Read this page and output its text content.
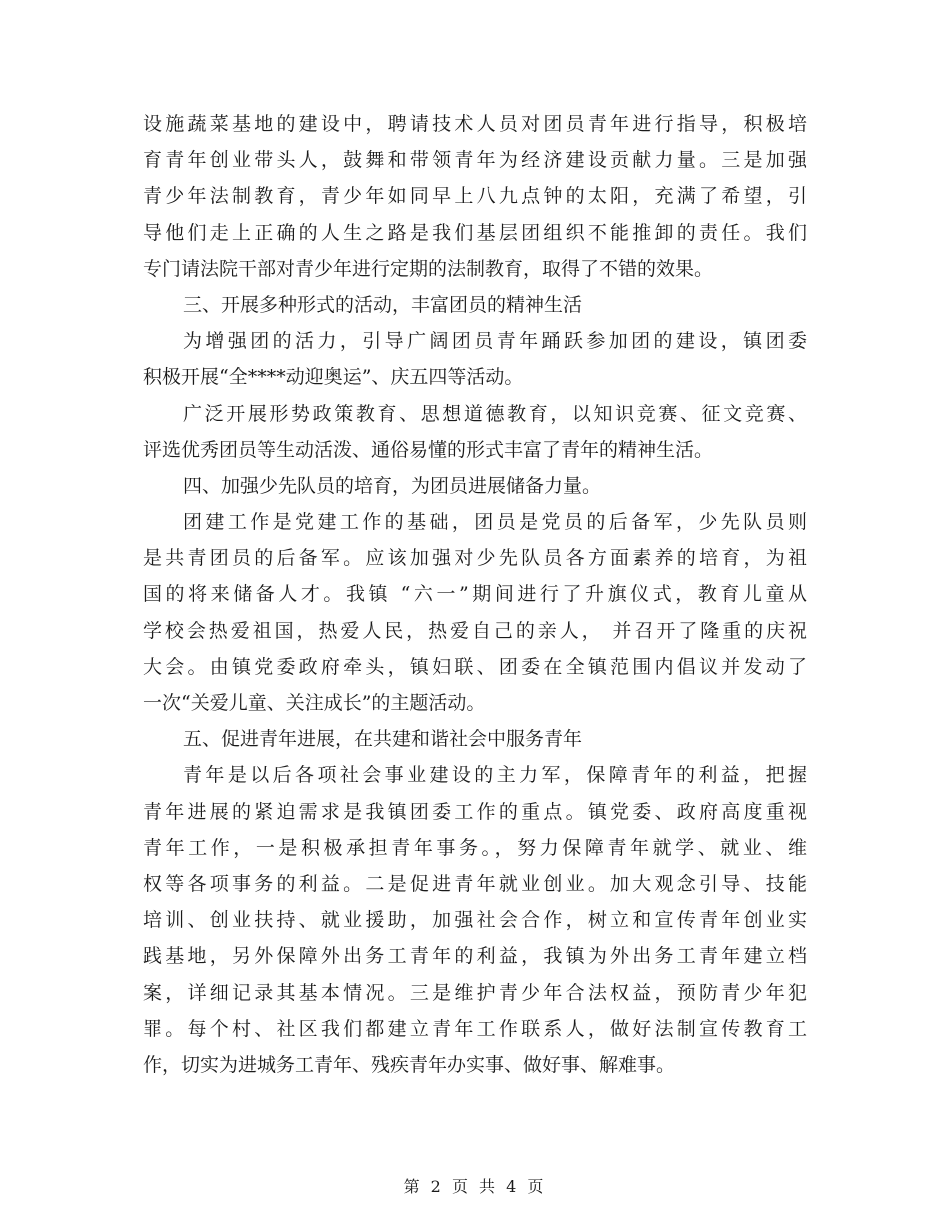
设施蔬菜基地的建设中，聘请技术人员对团员青年进行指导，积极培
育青年创业带头人，鼓舞和带领青年为经济建设贡献力量。三是加强
青少年法制教育，青少年如同早上八九点钟的太阳，充满了希望，引
导他们走上正确的人生之路是我们基层团组织不能推卸的责任。我们
专门请法院干部对青少年进行定期的法制教育，取得了不错的效果。
三、开展多种形式的活动，丰富团员的精神生活
为增强团的活力，引导广阔团员青年踊跃参加团的建设，镇团委
积极开展“全****动迎奥运”、庆五四等活动。
广泛开展形势政策教育、思想道德教育，以知识竞赛、征文竞赛、
评选优秀团员等生动活泼、通俗易懂的形式丰富了青年的精神生活。
四、加强少先队员的培育，为团员进展储备力量。
团建工作是党建工作的基础，团员是党员的后备军，少先队员则
是共青团员的后备军。应该加强对少先队员各方面素养的培育，为祖
国的将来储备人才。我镇 “六一”期间进行了升旗仪式，教育儿童从
学校会热爱祖国，热爱人民，热爱自己的亲人， 并召开了隆重的庆祝
大会。由镇党委政府牵头，镇妇联、团委在全镇范围内倡议并发动了
一次“关爱儿童、关注成长”的主题活动。
五、促进青年进展，在共建和谐社会中服务青年
青年是以后各项社会事业建设的主力军，保障青年的利益，把握
青年进展的紧迫需求是我镇团委工作的重点。镇党委、政府高度重视
青年工作，一是积极承担青年事务。，努力保障青年就学、就业、维
权等各项事务的利益。二是促进青年就业创业。加大观念引导、技能
培训、创业扶持、就业援助，加强社会合作，树立和宣传青年创业实
践基地，另外保障外出务工青年的利益，我镇为外出务工青年建立档
案，详细记录其基本情况。三是维护青少年合法权益，预防青少年犯
罪。每个村、社区我们都建立青年工作联系人，做好法制宣传教育工
作，切实为进城务工青年、残疾青年办实事、做好事、解难事。
第 2 页 共 4 页
